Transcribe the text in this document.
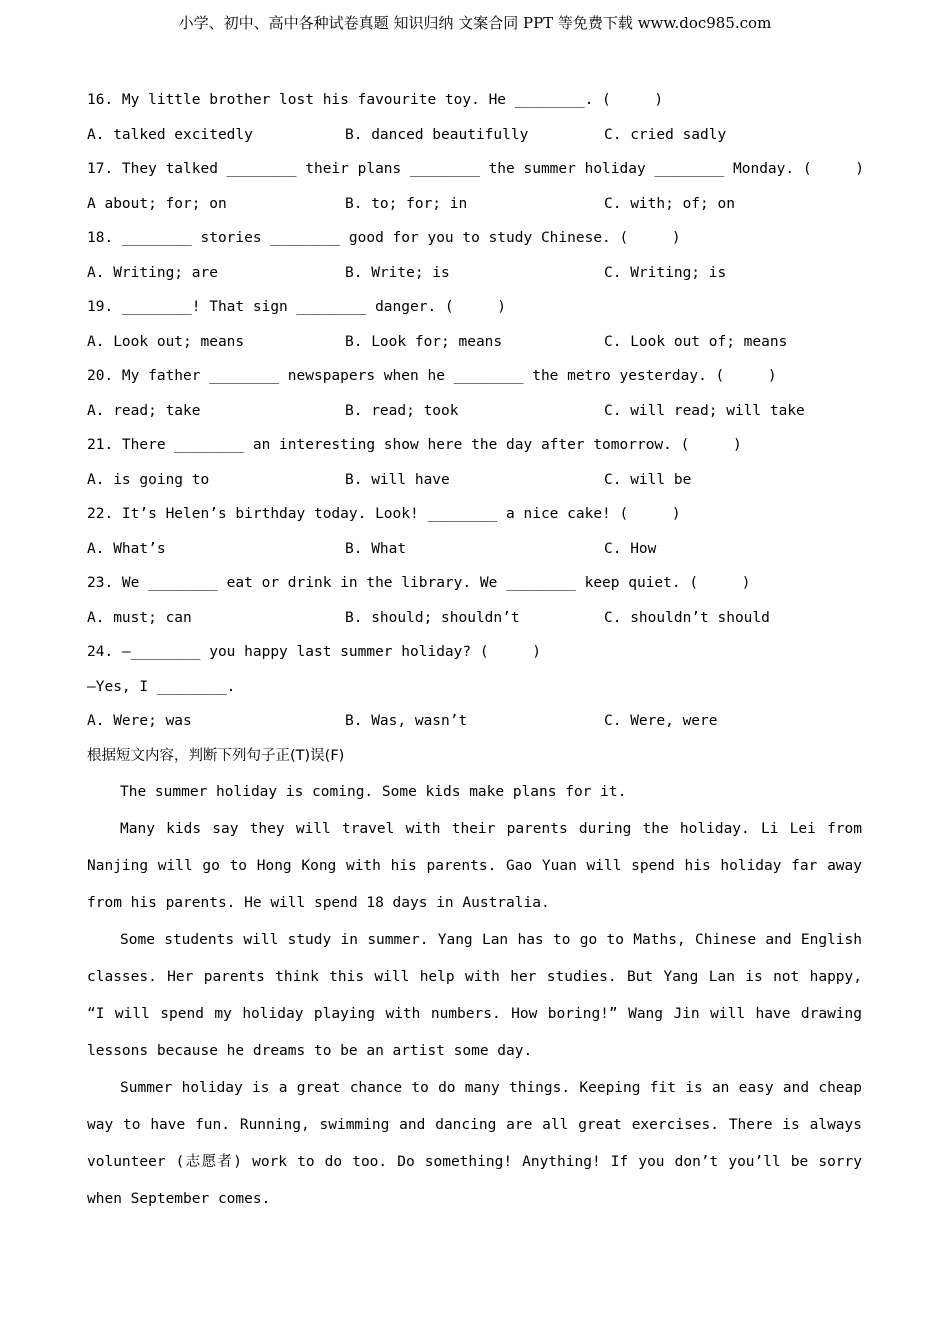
小学、初中、高中各种试卷真题 知识归纳 文案合同 PPT 等免费下载 www.doc985.com
16. My little brother lost his favourite toy. He ________. (     )
A. talked excitedly	B. danced beautifully	C. cried sadly
17. They talked ________ their plans ________ the summer holiday ________ Monday. (     )
A about; for; on	B. to; for; in	C. with; of; on
18. ________ stories ________ good for you to study Chinese. (     )
A. Writing; are	B. Write; is	C. Writing; is
19. ________! That sign ________ danger. (     )
A. Look out; means	B. Look for; means	C. Look out of; means
20. My father ________ newspapers when he ________ the metro yesterday. (     )
A. read; take	B. read; took	C. will read; will take
21. There ________ an interesting show here the day after tomorrow. (     )
A. is going to	B. will have	C. will be
22. It’s Helen’s birthday today. Look! ________ a nice cake! (     )
A. What’s	B. What	C. How
23. We ________ eat or drink in the library. We ________ keep quiet. (     )
A. must; can	B. should; shouldn’t	C. shouldn’t should
24. —________ you happy last summer holiday? (     )
—Yes, I ________.
A. Were; was	B. Was, wasn’t	C. Were, were
根据短文内容，判断下列句子正(T)误(F)

The summer holiday is coming. Some kids make plans for it.

Many kids say they will travel with their parents during the holiday. Li Lei from Nanjing will go to Hong Kong with his parents. Gao Yuan will spend his holiday far away from his parents. He will spend 18 days in Australia.

Some students will study in summer. Yang Lan has to go to Maths, Chinese and English classes. Her parents think this will help with her studies. But Yang Lan is not happy, “I will spend my holiday playing with numbers. How boring!” Wang Jin will have drawing lessons because he dreams to be an artist some day.

Summer holiday is a great chance to do many things. Keeping fit is an easy and cheap way to have fun. Running, swimming and dancing are all great exercises. There is always volunteer (志愿者) work to do too. Do something! Anything! If you don’t you’ll be sorry when September comes.
